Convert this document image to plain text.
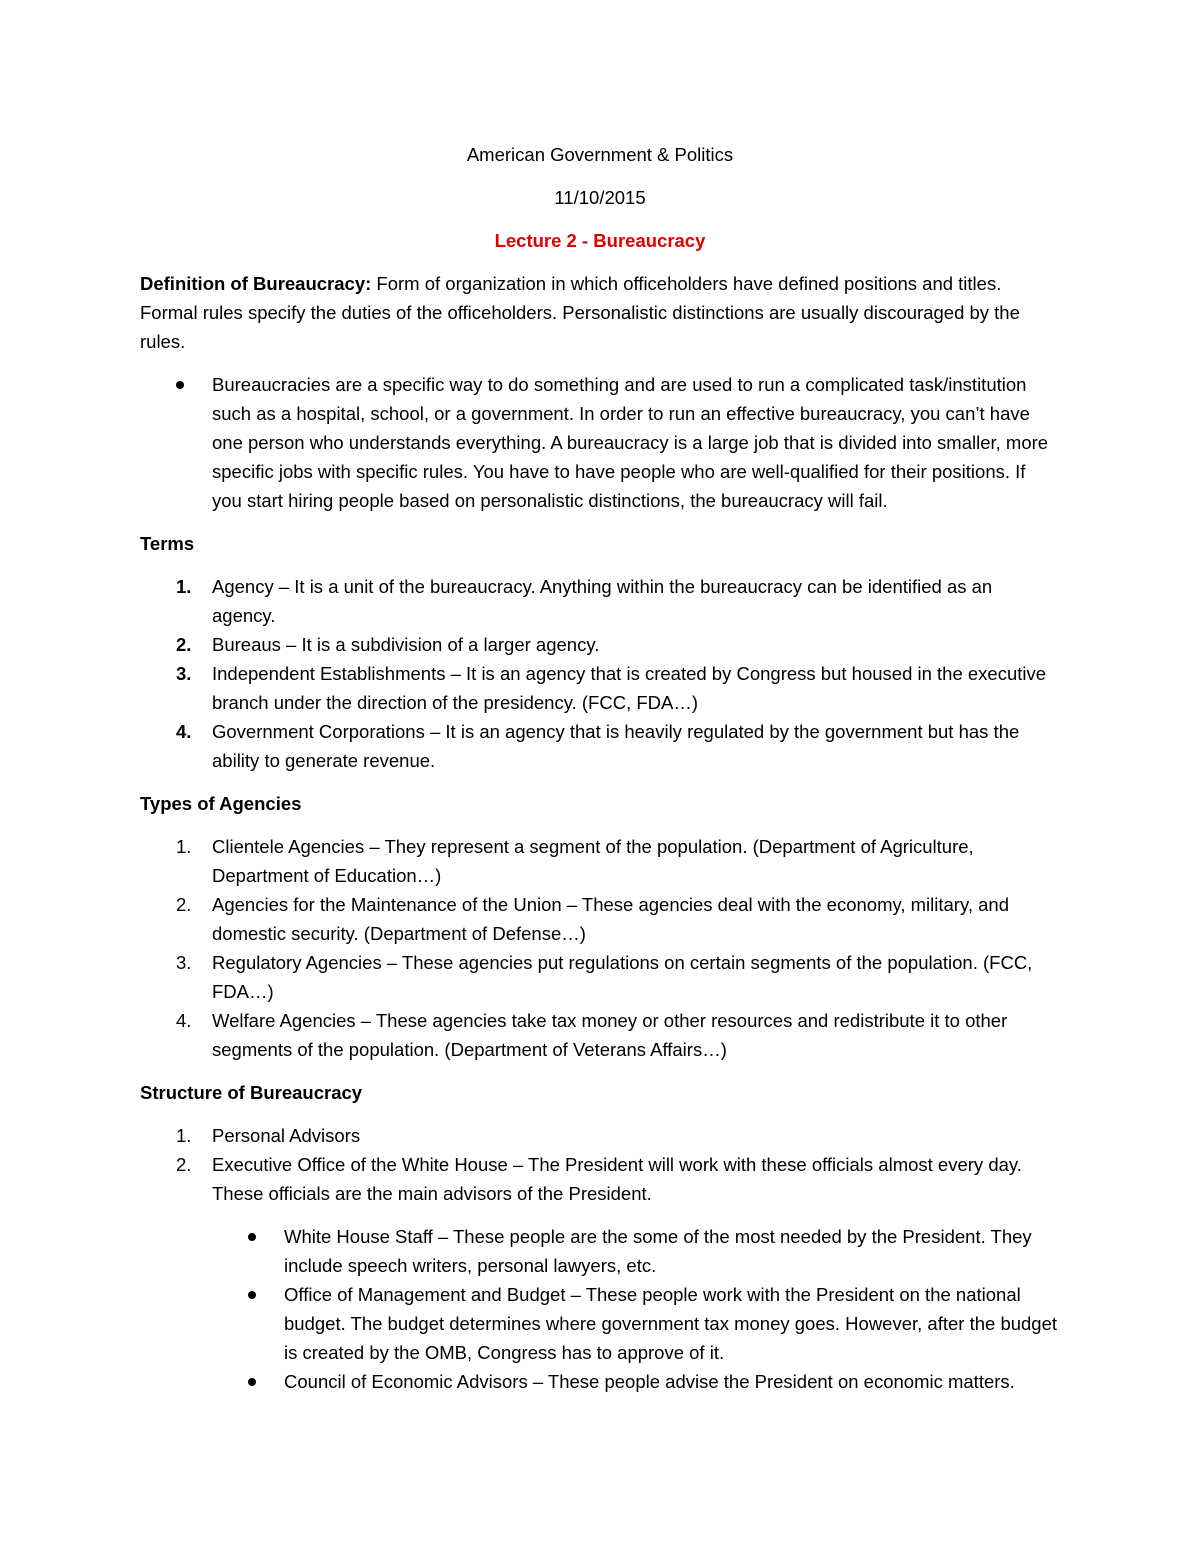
American Government & Politics
11/10/2015
Lecture 2 - Bureaucracy

Definition of Bureaucracy: Form of organization in which officeholders have defined positions and titles. Formal rules specify the duties of the officeholders. Personalistic distinctions are usually discouraged by the rules.

Bureaucracies are a specific way to do something and are used to run a complicated task/institution such as a hospital, school, or a government. In order to run an effective bureaucracy, you can’t have one person who understands everything. A bureaucracy is a large job that is divided into smaller, more specific jobs with specific rules. You have to have people who are well-qualified for their positions. If you start hiring people based on personalistic distinctions, the bureaucracy will fail.
Terms
1.	Agency – It is a unit of the bureaucracy. Anything within the bureaucracy can be identified as an agency.
2.	Bureaus – It is a subdivision of a larger agency.
3.	Independent Establishments – It is an agency that is created by Congress but housed in the executive branch under the direction of the presidency. (FCC, FDA…)
4.	Government Corporations – It is an agency that is heavily regulated by the government but has the ability to generate revenue.
Types of Agencies
1.	Clientele Agencies – They represent a segment of the population. (Department of Agriculture, Department of Education…)
2.	Agencies for the Maintenance of the Union – These agencies deal with the economy, military, and domestic security. (Department of Defense…)
3.	Regulatory Agencies – These agencies put regulations on certain segments of the population. (FCC, FDA…)
4.	Welfare Agencies – These agencies take tax money or other resources and redistribute it to other segments of the population. (Department of Veterans Affairs…)
Structure of Bureaucracy
1.	Personal Advisors
2.	Executive Office of the White House – The President will work with these officials almost every day. These officials are the main advisors of the President.
White House Staff – These people are the some of the most needed by the President. They include speech writers, personal lawyers, etc.
Office of Management and Budget – These people work with the President on the national budget. The budget determines where government tax money goes. However, after the budget is created by the OMB, Congress has to approve of it.
Council of Economic Advisors – These people advise the President on economic matters.
